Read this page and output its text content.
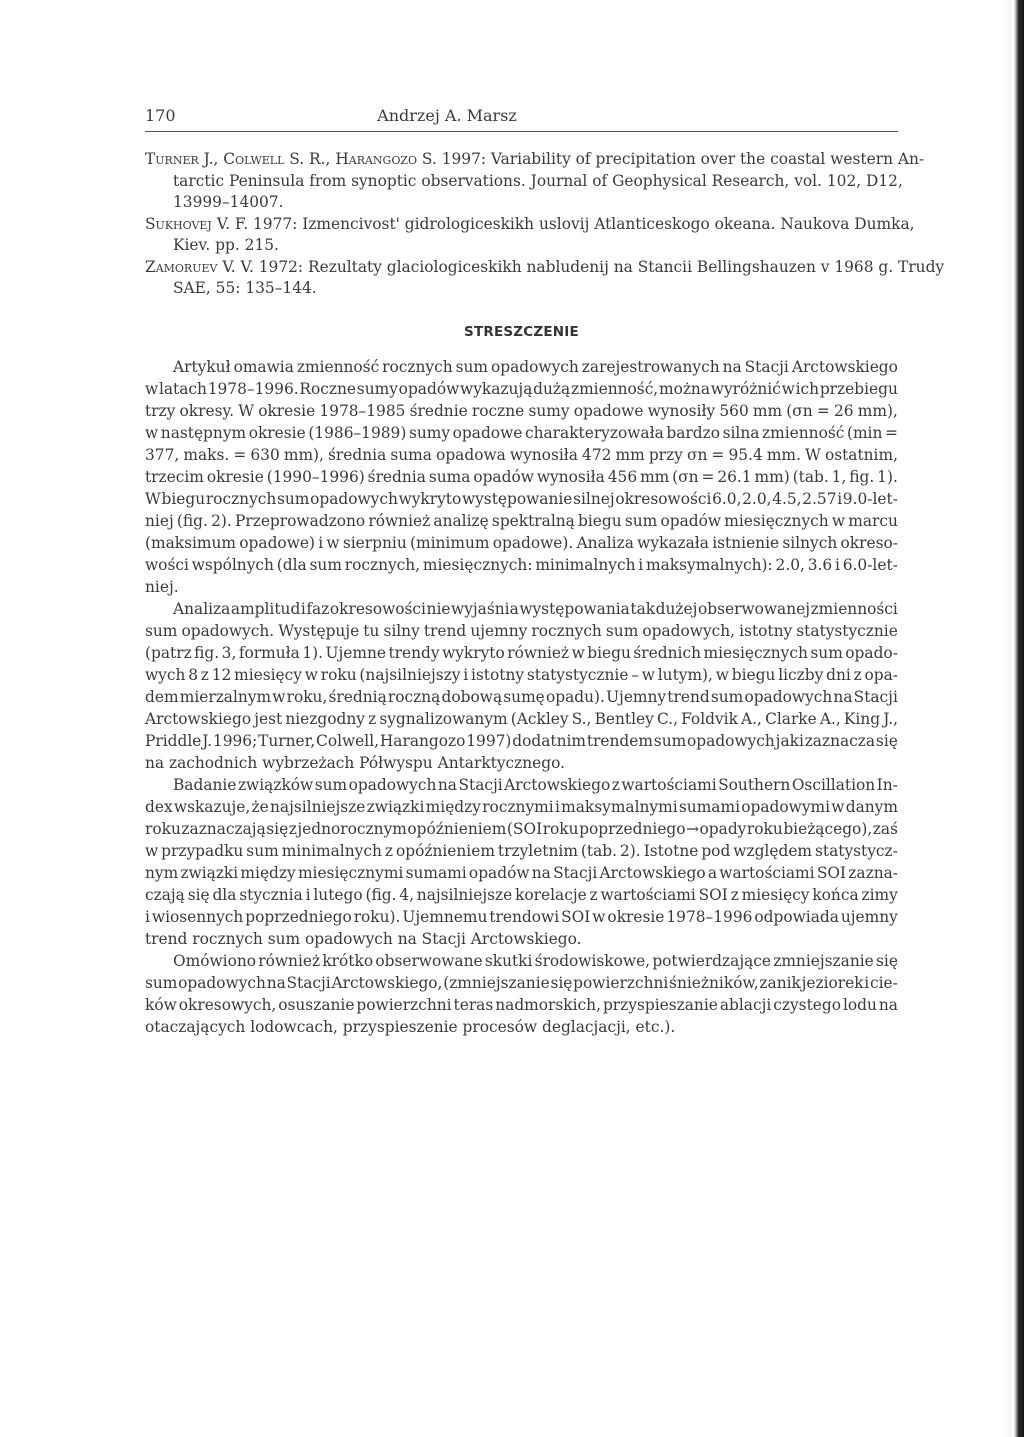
170	Andrzej A. Marsz

Turner J., Colwell S. R., Harangozo S. 1997: Variability of precipitation over the coastal western An-
tarctic Peninsula from synoptic observations. Journal of Geophysical Research, vol. 102, D12,
13999–14007.

Sukhovej V. F. 1977: Izmencivost' gidrologiceskikh uslovij Atlanticeskogo okeana. Naukova Dumka,
Kiev. pp. 215.

Zamoruev V. V. 1972: Rezultaty glaciologiceskikh nabludenij na Stancii Bellingshauzen v 1968 g. Trudy
SAE, 55: 135–144.

STRESZCZENIE
Artykuł omawia zmienność rocznych sum opadowych zarejestrowanych na Stacji Arctowskiego
w latach 1978–1996. Roczne sumy opadów wykazują dużą zmienność, można wyróżnić w ich przebiegu
trzy okresy. W okresie 1978–1985 średnie roczne sumy opadowe wynosiły 560 mm (σn = 26 mm),
w następnym okresie (1986–1989) sumy opadowe charakteryzowała bardzo silna zmienność (min =
377, maks. = 630 mm), średnia suma opadowa wynosiła 472 mm przy σn = 95.4 mm. W ostatnim,
trzecim okresie (1990–1996) średnia suma opadów wynosiła 456 mm (σn = 26.1 mm) (tab. 1, fig. 1).
W biegu rocznych sum opadowych wykryto występowanie silnej okresowości 6.0, 2.0, 4.5, 2.57 i 9.0-let-
niej (fig. 2). Przeprowadzono również analizę spektralną biegu sum opadów miesięcznych w marcu
(maksimum opadowe) i w sierpniu (minimum opadowe). Analiza wykazała istnienie silnych okreso-
wości wspólnych (dla sum rocznych, miesięcznych: minimalnych i maksymalnych): 2.0, 3.6 i 6.0-let-
niej.
Analiza amplitud i faz okresowości nie wyjaśnia występowania tak dużej obserwowanej zmienności
sum opadowych. Występuje tu silny trend ujemny rocznych sum opadowych, istotny statystycznie
(patrz fig. 3, formuła 1). Ujemne trendy wykryto również w biegu średnich miesięcznych sum opado-
wych 8 z 12 miesięcy w roku (najsilniejszy i istotny statystycznie – w lutym), w biegu liczby dni z opa-
dem mierzalnym w roku, średnią roczną dobową sumę opadu). Ujemny trend sum opadowych na Stacji
Arctowskiego jest niezgodny z sygnalizowanym (Ackley S., Bentley C., Foldvik A., Clarke A., King J.,
Priddle J. 1996; Turner, Colwell, Harangozo 1997) dodatnim trendem sum opadowych jaki zaznacza się
na zachodnich wybrzeżach Półwyspu Antarktycznego.
Badanie związków sum opadowych na Stacji Arctowskiego z wartościami Southern Oscillation In-
dex wskazuje, że najsilniejsze związki między rocznymi i maksymalnymi sumami opadowymi w danym
roku zaznaczają się z jednorocznym opóźnieniem (SOI roku poprzedniego → opady roku bieżącego), zaś
w przypadku sum minimalnych z opóźnieniem trzyletnim (tab. 2). Istotne pod względem statystycz-
nym związki między miesięcznymi sumami opadów na Stacji Arctowskiego a wartościami SOI zazna-
czają się dla stycznia i lutego (fig. 4, najsilniejsze korelacje z wartościami SOI z miesięcy końca zimy
i wiosennych poprzedniego roku). Ujemnemu trendowi SOI w okresie 1978–1996 odpowiada ujemny
trend rocznych sum opadowych na Stacji Arctowskiego.
Omówiono również krótko obserwowane skutki środowiskowe, potwierdzające zmniejszanie się
sum opadowych na Stacji Arctowskiego, (zmniejszanie się powierzchni śnieżników, zanik jeziorek i cie-
ków okresowych, osuszanie powierzchni teras nadmorskich, przyspieszanie ablacji czystego lodu na
otaczających lodowcach, przyspieszenie procesów deglacjacji, etc.).
